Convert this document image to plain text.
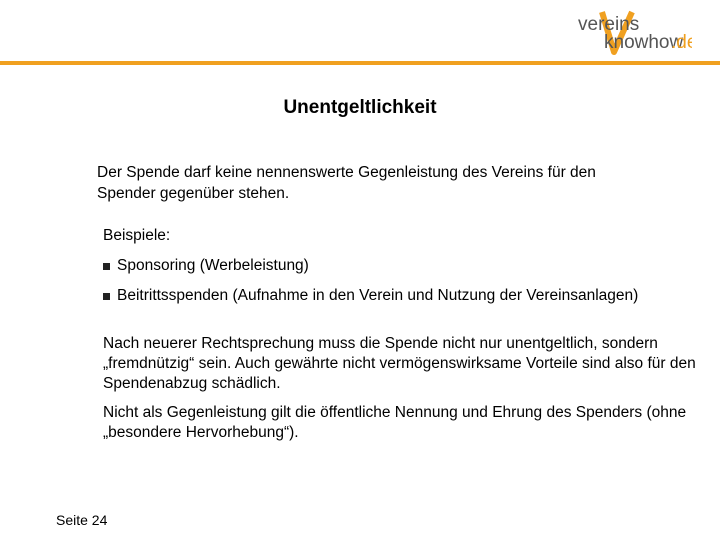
vereins
knowhow
.d
Unentgeltlichkeit
Der Spende darf keine nennenswerte Gegenleistung des Vereins für den Spender gegenüber stehen.
Beispiele:
Sponsoring (Werbeleistung)
Beitrittsspenden (Aufnahme in den Verein und Nutzung der Vereinsanlagen)
Nach neuerer Rechtsprechung muss die Spende nicht nur unentgeltlich, sondern „fremdnützig“ sein. Auch gewährte nicht vermögenswirksame Vorteile sind also für den Spendenabzug schädlich.
Nicht als Gegenleistung gilt die öffentliche Nennung und Ehrung des Spenders (ohne „besondere Hervorhebung“).
Seite 24
